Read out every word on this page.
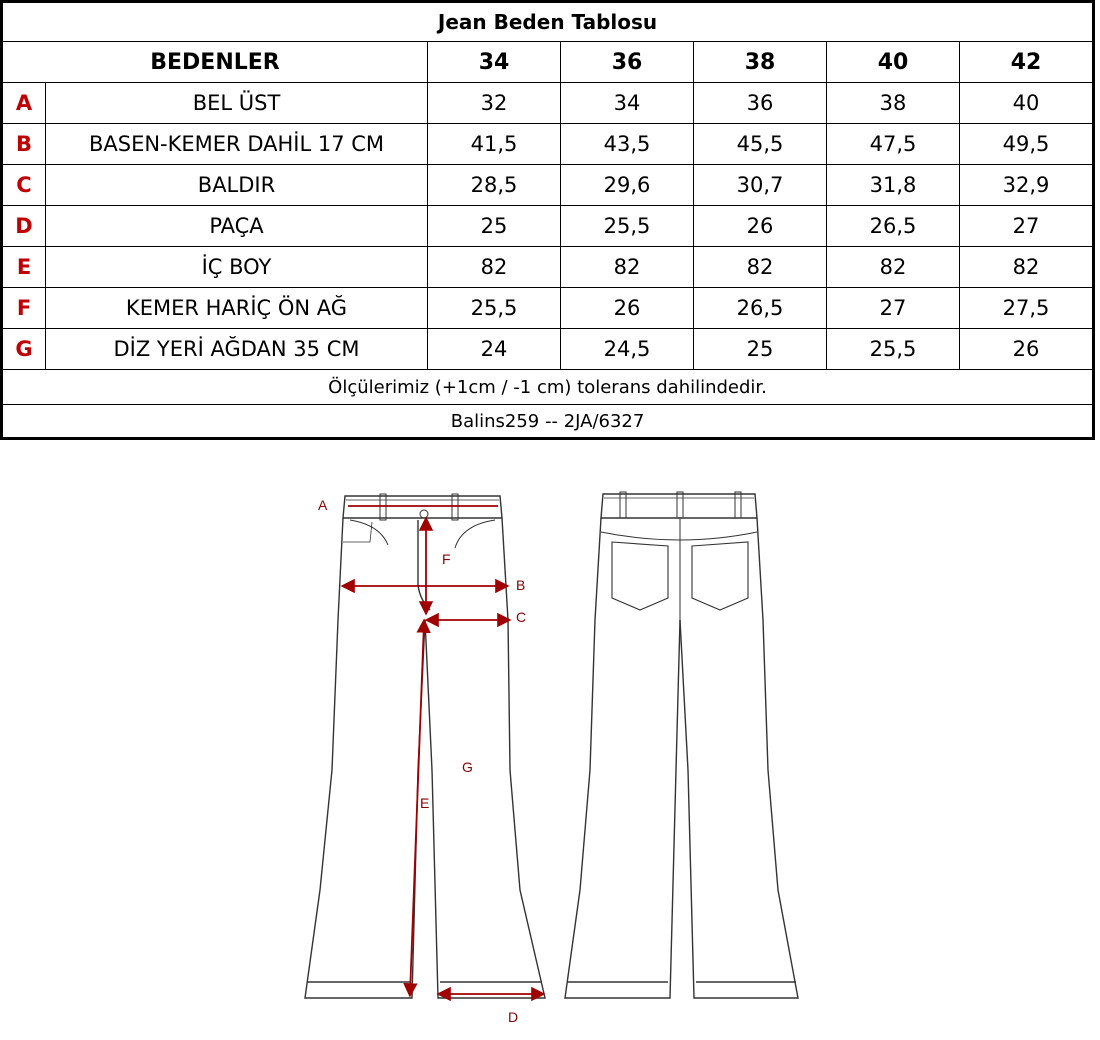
Jean Beden Tablosu						
BEDENLER		34	36	38	40	42
A	BEL ÜST	32	34	36	38	40
B	BASEN-KEMER DAHİL 17 CM	41,5	43,5	45,5	47,5	49,5
C	BALDIR	28,5	29,6	30,7	31,8	32,9
D	PAÇA	25	25,5	26	26,5	27
E	İÇ BOY	82	82	82	82	82
F	KEMER HARİÇ ÖN AĞ	25,5	26	26,5	27	27,5
G	DİZ YERİ AĞDAN 35 CM	24	24,5	25	25,5	26
Ölçülerimiz (+1cm / -1 cm) tolerans dahilindedir.						
Balins259 -- 2JA/6327						
A
B
C
F
G
E
D
